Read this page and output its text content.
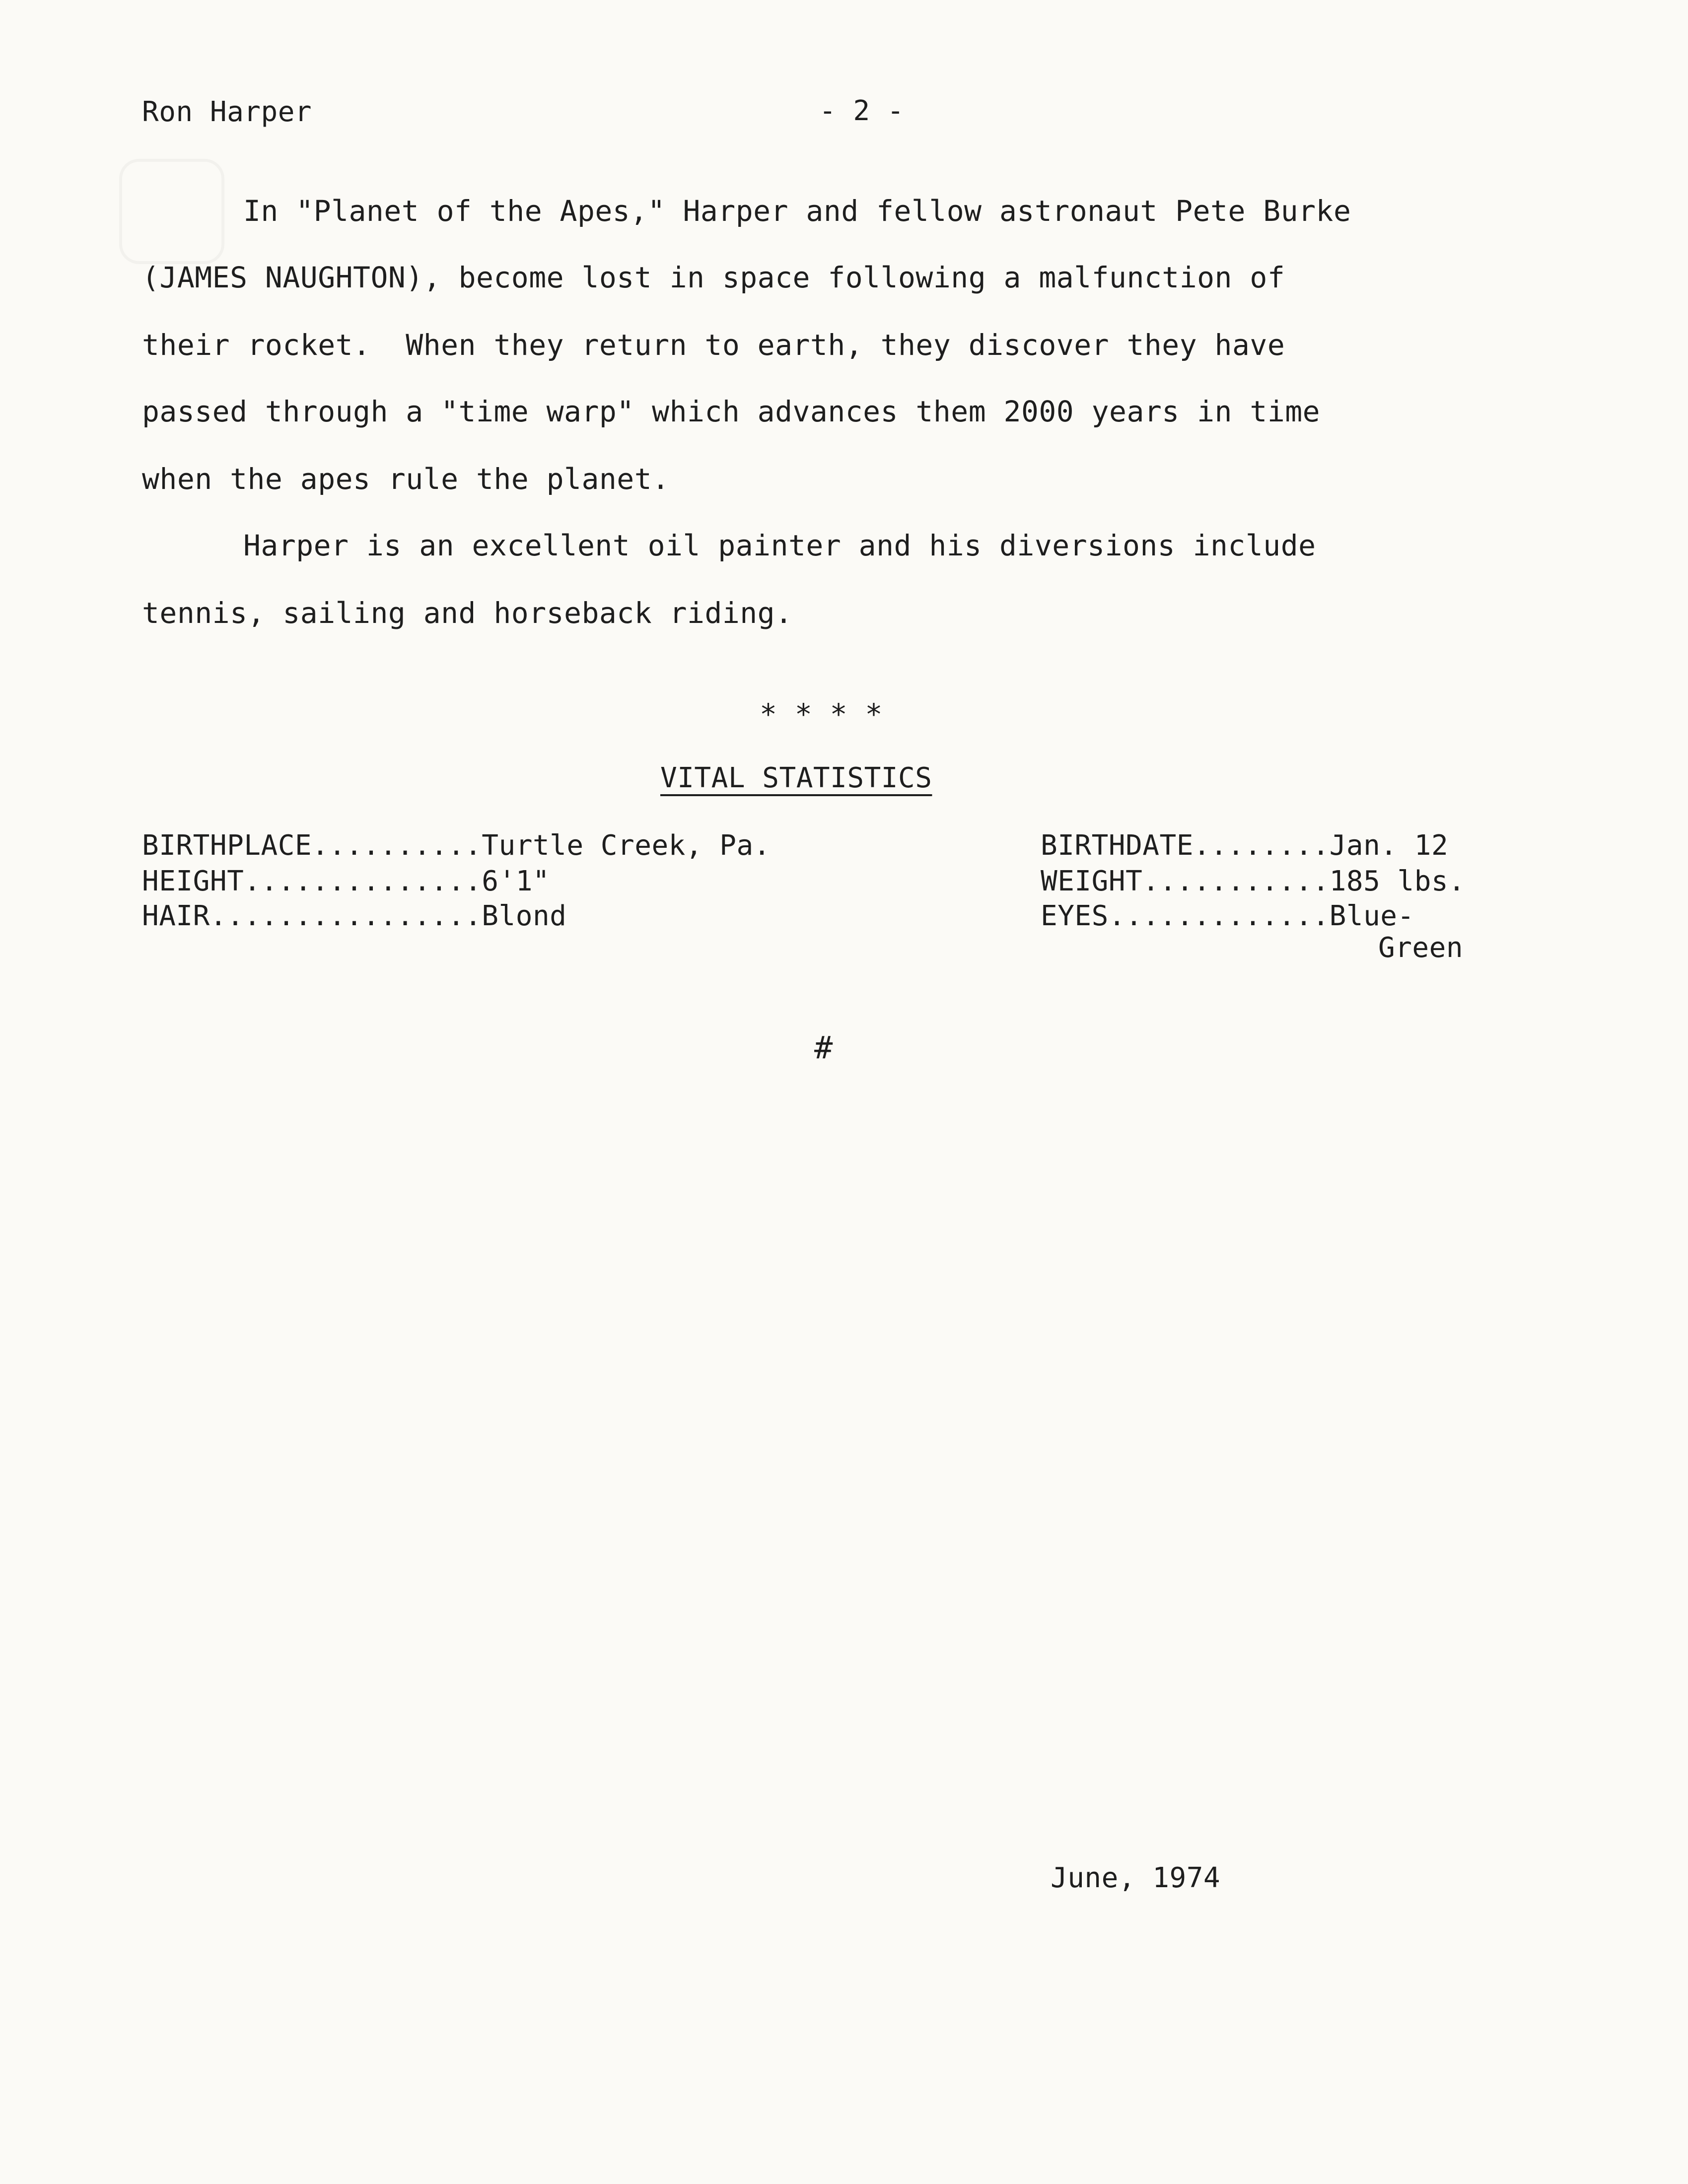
Ron Harper	- 2 -
In "Planet of the Apes," Harper and fellow astronaut Pete Burke
(JAMES NAUGHTON), become lost in space following a malfunction of
their rocket.  When they return to earth, they discover they have
passed through a "time warp" which advances them 2000 years in time
when the apes rule the planet.
Harper is an excellent oil painter and his diversions include
tennis, sailing and horseback riding.
* * * *
VITAL STATISTICS
BIRTHPLACE..........Turtle Creek, Pa.
HEIGHT..............6'1"
HAIR................Blond
BIRTHDATE........Jan. 12
WEIGHT...........185 lbs.
EYES.............Blue-
Green
#
June, 1974
